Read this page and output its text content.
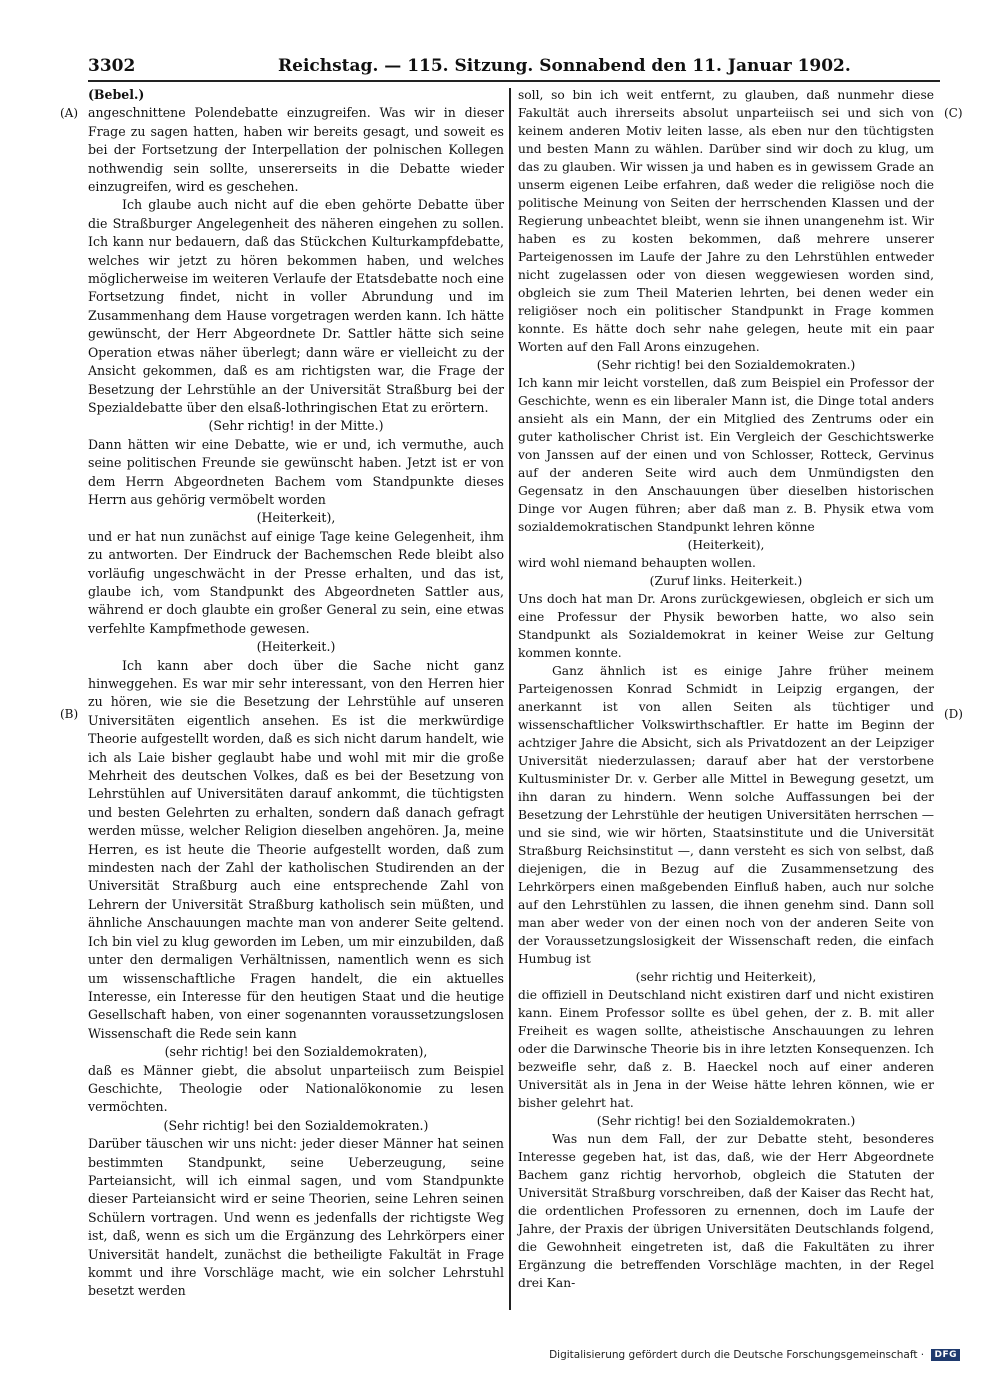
3302	Reichstag. — 115. Sitzung. Sonnabend den 11. Januar 1902.
(A)
(B)
(C)
(D)

(Bebel.)

angeschnittene Polendebatte einzugreifen. Was wir in dieser Frage zu sagen hatten, haben wir bereits gesagt, und soweit es bei der Fortsetzung der Interpellation der polnischen Kollegen nothwendig sein sollte, unsererseits in die Debatte wieder einzugreifen, wird es geschehen.

Ich glaube auch nicht auf die eben gehörte Debatte über die Straßburger Angelegenheit des näheren eingehen zu sollen. Ich kann nur bedauern, daß das Stückchen Kulturkampfdebatte, welches wir jetzt zu hören bekommen haben, und welches möglicherweise im weiteren Verlaufe der Etatsdebatte noch eine Fortsetzung findet, nicht in voller Abrundung und im Zusammenhang dem Hause vorgetragen werden kann. Ich hätte gewünscht, der Herr Abgeordnete Dr. Sattler hätte sich seine Operation etwas näher überlegt; dann wäre er vielleicht zu der Ansicht gekommen, daß es am richtigsten war, die Frage der Besetzung der Lehrstühle an der Universität Straßburg bei der Spezialdebatte über den elsaß-lothringischen Etat zu erörtern.

(Sehr richtig! in der Mitte.)

Dann hätten wir eine Debatte, wie er und, ich vermuthe, auch seine politischen Freunde sie gewünscht haben. Jetzt ist er von dem Herrn Abgeordneten Bachem vom Standpunkte dieses Herrn aus gehörig vermöbelt worden

(Heiterkeit),

und er hat nun zunächst auf einige Tage keine Gelegenheit, ihm zu antworten. Der Eindruck der Bachemschen Rede bleibt also vorläufig ungeschwächt in der Presse erhalten, und das ist, glaube ich, vom Standpunkt des Abgeordneten Sattler aus, während er doch glaubte ein großer General zu sein, eine etwas verfehlte Kampfmethode gewesen.

(Heiterkeit.)

Ich kann aber doch über die Sache nicht ganz hinweggehen. Es war mir sehr interessant, von den Herren hier zu hören, wie sie die Besetzung der Lehrstühle auf unseren Universitäten eigentlich ansehen. Es ist die merkwürdige Theorie aufgestellt worden, daß es sich nicht darum handelt, wie ich als Laie bisher geglaubt habe und wohl mit mir die große Mehrheit des deutschen Volkes, daß es bei der Besetzung von Lehrstühlen auf Universitäten darauf ankommt, die tüchtigsten und besten Gelehrten zu erhalten, sondern daß danach gefragt werden müsse, welcher Religion dieselben angehören. Ja, meine Herren, es ist heute die Theorie aufgestellt worden, daß zum mindesten nach der Zahl der katholischen Studirenden an der Universität Straßburg auch eine entsprechende Zahl von Lehrern der Universität Straßburg katholisch sein müßten, und ähnliche Anschauungen machte man von anderer Seite geltend. Ich bin viel zu klug geworden im Leben, um mir einzubilden, daß unter den dermaligen Verhältnissen, namentlich wenn es sich um wissenschaftliche Fragen handelt, die ein aktuelles Interesse, ein Interesse für den heutigen Staat und die heutige Gesellschaft haben, von einer sogenannten voraussetzungslosen Wissenschaft die Rede sein kann

(sehr richtig! bei den Sozialdemokraten),

daß es Männer giebt, die absolut unparteiisch zum Beispiel Geschichte, Theologie oder Nationalökonomie zu lesen vermöchten.

(Sehr richtig! bei den Sozialdemokraten.)

Darüber täuschen wir uns nicht: jeder dieser Männer hat seinen bestimmten Standpunkt, seine Ueberzeugung, seine Parteiansicht, will ich einmal sagen, und vom Standpunkte dieser Parteiansicht wird er seine Theorien, seine Lehren seinen Schülern vortragen. Und wenn es jedenfalls der richtigste Weg ist, daß, wenn es sich um die Ergänzung des Lehrkörpers einer Universität handelt, zunächst die betheiligte Fakultät in Frage kommt und ihre Vorschläge macht, wie ein solcher Lehrstuhl besetzt werden

soll, so bin ich weit entfernt, zu glauben, daß nunmehr diese Fakultät auch ihrerseits absolut unparteiisch sei und sich von keinem anderen Motiv leiten lasse, als eben nur den tüchtigsten und besten Mann zu wählen. Darüber sind wir doch zu klug, um das zu glauben. Wir wissen ja und haben es in gewissem Grade an unserm eigenen Leibe erfahren, daß weder die religiöse noch die politische Meinung von Seiten der herrschenden Klassen und der Regierung unbeachtet bleibt, wenn sie ihnen unangenehm ist. Wir haben es zu kosten bekommen, daß mehrere unserer Parteigenossen im Laufe der Jahre zu den Lehrstühlen entweder nicht zugelassen oder von diesen weggewiesen worden sind, obgleich sie zum Theil Materien lehrten, bei denen weder ein religiöser noch ein politischer Standpunkt in Frage kommen konnte. Es hätte doch sehr nahe gelegen, heute mit ein paar Worten auf den Fall Arons einzugehen.

(Sehr richtig! bei den Sozialdemokraten.)

Ich kann mir leicht vorstellen, daß zum Beispiel ein Professor der Geschichte, wenn es ein liberaler Mann ist, die Dinge total anders ansieht als ein Mann, der ein Mitglied des Zentrums oder ein guter katholischer Christ ist. Ein Vergleich der Geschichtswerke von Janssen auf der einen und von Schlosser, Rotteck, Gervinus auf der anderen Seite wird auch dem Unmündigsten den Gegensatz in den Anschauungen über dieselben historischen Dinge vor Augen führen; aber daß man z. B. Physik etwa vom sozialdemokratischen Standpunkt lehren könne

(Heiterkeit),

wird wohl niemand behaupten wollen.

(Zuruf links. Heiterkeit.)

Uns doch hat man Dr. Arons zurückgewiesen, obgleich er sich um eine Professur der Physik beworben hatte, wo also sein Standpunkt als Sozialdemokrat in keiner Weise zur Geltung kommen konnte.

Ganz ähnlich ist es einige Jahre früher meinem Parteigenossen Konrad Schmidt in Leipzig ergangen, der anerkannt ist von allen Seiten als tüchtiger und wissenschaftlicher Volkswirthschaftler. Er hatte im Beginn der achtziger Jahre die Absicht, sich als Privatdozent an der Leipziger Universität niederzulassen; darauf aber hat der verstorbene Kultusminister Dr. v. Gerber alle Mittel in Bewegung gesetzt, um ihn daran zu hindern. Wenn solche Auffassungen bei der Besetzung der Lehrstühle der heutigen Universitäten herrschen — und sie sind, wie wir hörten, Staatsinstitute und die Universität Straßburg Reichsinstitut —, dann versteht es sich von selbst, daß diejenigen, die in Bezug auf die Zusammensetzung des Lehrkörpers einen maßgebenden Einfluß haben, auch nur solche auf den Lehrstühlen zu lassen, die ihnen genehm sind. Dann soll man aber weder von der einen noch von der anderen Seite von der Voraussetzungslosigkeit der Wissenschaft reden, die einfach Humbug ist

(sehr richtig und Heiterkeit),

die offiziell in Deutschland nicht existiren darf und nicht existiren kann. Einem Professor sollte es übel gehen, der z. B. mit aller Freiheit es wagen sollte, atheistische Anschauungen zu lehren oder die Darwinsche Theorie bis in ihre letzten Konsequenzen. Ich bezweifle sehr, daß z. B. Haeckel noch auf einer anderen Universität als in Jena in der Weise hätte lehren können, wie er bisher gelehrt hat.

(Sehr richtig! bei den Sozialdemokraten.)

Was nun dem Fall, der zur Debatte steht, besonderes Interesse gegeben hat, ist das, daß, wie der Herr Abgeordnete Bachem ganz richtig hervorhob, obgleich die Statuten der Universität Straßburg vorschreiben, daß der Kaiser das Recht hat, die ordentlichen Professoren zu ernennen, doch im Laufe der Jahre, der Praxis der übrigen Universitäten Deutschlands folgend, die Gewohnheit eingetreten ist, daß die Fakultäten zu ihrer Ergänzung die betreffenden Vorschläge machten, in der Regel drei Kan-

Digitalisierung gefördert durch die Deutsche Forschungsgemeinschaft · DFG
